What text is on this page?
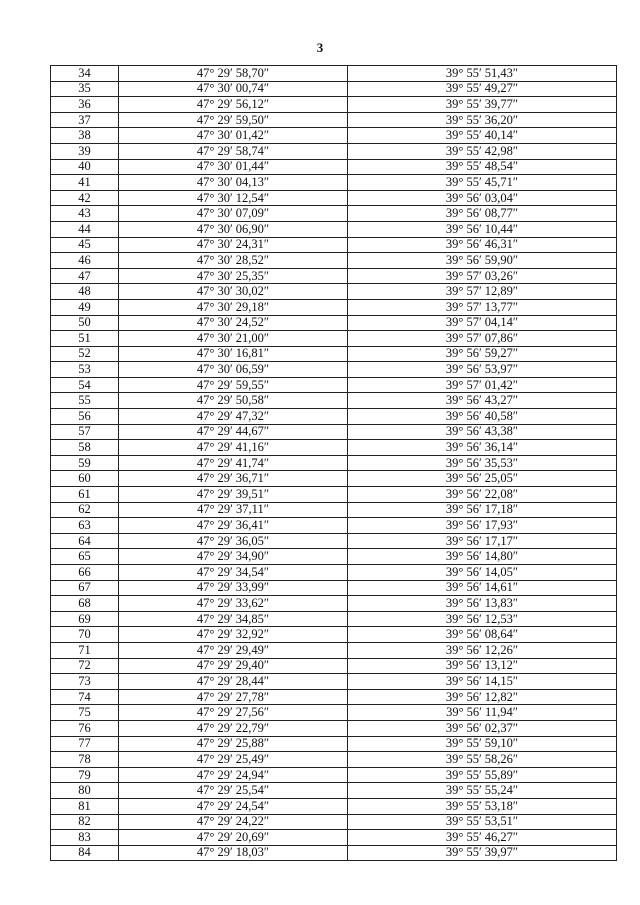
3
34	47° 29′ 58,70″	39° 55′ 51,43″
35	47° 30′ 00,74″	39° 55′ 49,27″
36	47° 29′ 56,12″	39° 55′ 39,77″
37	47° 29′ 59,50″	39° 55′ 36,20″
38	47° 30′ 01,42″	39° 55′ 40,14″
39	47° 29′ 58,74″	39° 55′ 42,98″
40	47° 30′ 01,44″	39° 55′ 48,54″
41	47° 30′ 04,13″	39° 55′ 45,71″
42	47° 30′ 12,54″	39° 56′ 03,04″
43	47° 30′ 07,09″	39° 56′ 08,77″
44	47° 30′ 06,90″	39° 56′ 10,44″
45	47° 30′ 24,31″	39° 56′ 46,31″
46	47° 30′ 28,52″	39° 56′ 59,90″
47	47° 30′ 25,35″	39° 57′ 03,26″
48	47° 30′ 30,02″	39° 57′ 12,89″
49	47° 30′ 29,18″	39° 57′ 13,77″
50	47° 30′ 24,52″	39° 57′ 04,14″
51	47° 30′ 21,00″	39° 57′ 07,86″
52	47° 30′ 16,81″	39° 56′ 59,27″
53	47° 30′ 06,59″	39° 56′ 53,97″
54	47° 29′ 59,55″	39° 57′ 01,42″
55	47° 29′ 50,58″	39° 56′ 43,27″
56	47° 29′ 47,32″	39° 56′ 40,58″
57	47° 29′ 44,67″	39° 56′ 43,38″
58	47° 29′ 41,16″	39° 56′ 36,14″
59	47° 29′ 41,74″	39° 56′ 35,53″
60	47° 29′ 36,71″	39° 56′ 25,05″
61	47° 29′ 39,51″	39° 56′ 22,08″
62	47° 29′ 37,11″	39° 56′ 17,18″
63	47° 29′ 36,41″	39° 56′ 17,93″
64	47° 29′ 36,05″	39° 56′ 17,17″
65	47° 29′ 34,90″	39° 56′ 14,80″
66	47° 29′ 34,54″	39° 56′ 14,05″
67	47° 29′ 33,99″	39° 56′ 14,61″
68	47° 29′ 33,62″	39° 56′ 13,83″
69	47° 29′ 34,85″	39° 56′ 12,53″
70	47° 29′ 32,92″	39° 56′ 08,64″
71	47° 29′ 29,49″	39° 56′ 12,26″
72	47° 29′ 29,40″	39° 56′ 13,12″
73	47° 29′ 28,44″	39° 56′ 14,15″
74	47° 29′ 27,78″	39° 56′ 12,82″
75	47° 29′ 27,56″	39° 56′ 11,94″
76	47° 29′ 22,79″	39° 56′ 02,37″
77	47° 29′ 25,88″	39° 55′ 59,10″
78	47° 29′ 25,49″	39° 55′ 58,26″
79	47° 29′ 24,94″	39° 55′ 55,89″
80	47° 29′ 25,54″	39° 55′ 55,24″
81	47° 29′ 24,54″	39° 55′ 53,18″
82	47° 29′ 24,22″	39° 55′ 53,51″
83	47° 29′ 20,69″	39° 55′ 46,27″
84	47° 29′ 18,03″	39° 55′ 39,97″
